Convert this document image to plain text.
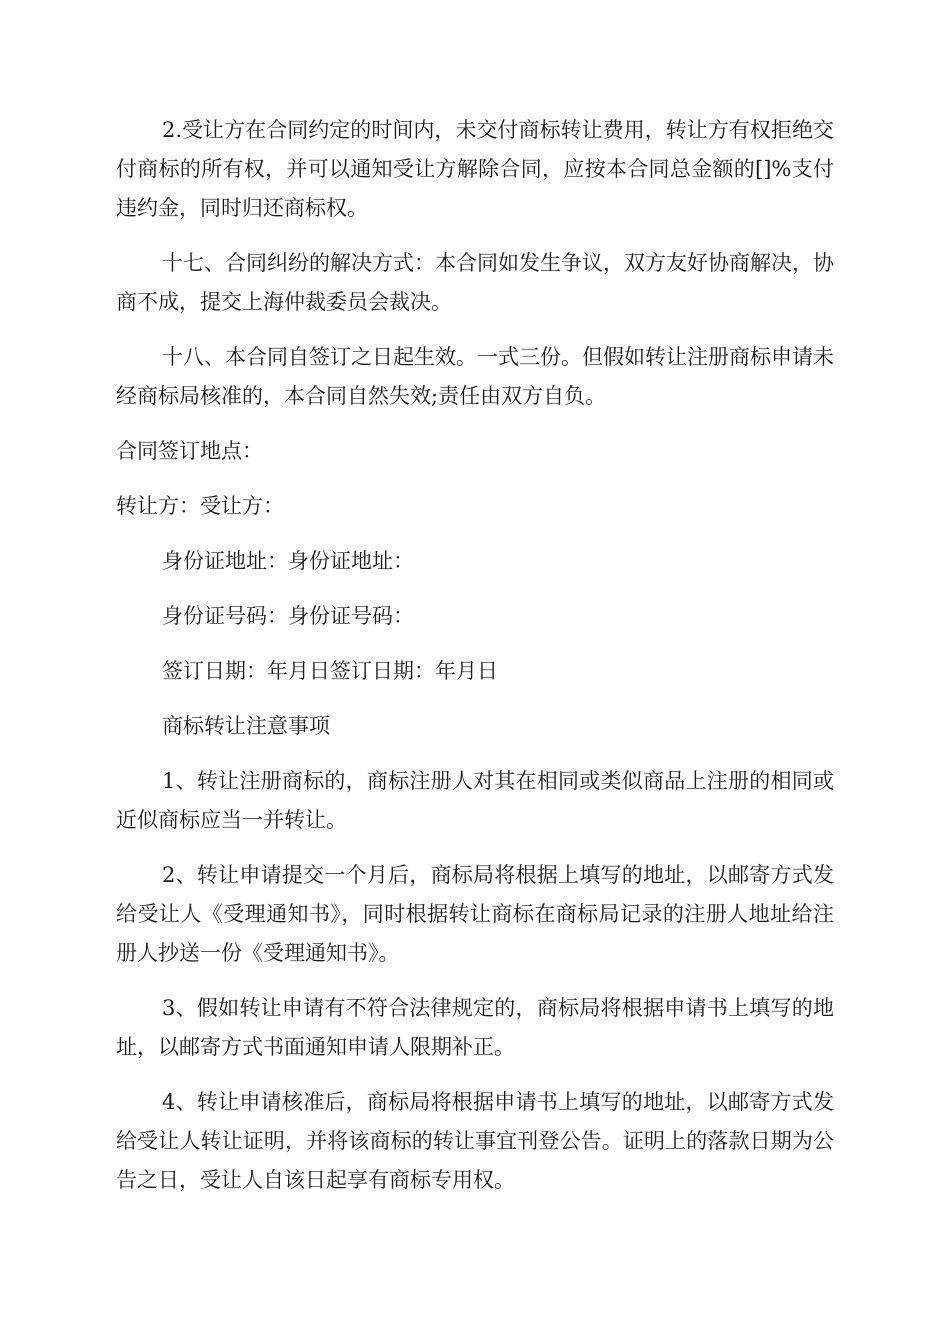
2.受让方在合同约定的时间内，未交付商标转让费用，转让方有权拒绝交付商标的所有权，并可以通知受让方解除合同，应按本合同总金额的[]%支付违约金，同时归还商标权。

十七、合同纠纷的解决方式：本合同如发生争议，双方友好协商解决，协商不成，提交上海仲裁委员会裁决。

十八、本合同自签订之日起生效。一式三份。但假如转让注册商标申请未经商标局核准的，本合同自然失效;责任由双方自负。

合同签订地点：

转让方：受让方：

身份证地址：身份证地址：

身份证号码：身份证号码：

签订日期：年月日签订日期：年月日

商标转让注意事项

1、转让注册商标的，商标注册人对其在相同或类似商品上注册的相同或近似商标应当一并转让。

2、转让申请提交一个月后，商标局将根据上填写的地址，以邮寄方式发给受让人《受理通知书》，同时根据转让商标在商标局记录的注册人地址给注册人抄送一份《受理通知书》。

3、假如转让申请有不符合法律规定的，商标局将根据申请书上填写的地址，以邮寄方式书面通知申请人限期补正。

4、转让申请核准后，商标局将根据申请书上填写的地址，以邮寄方式发给受让人转让证明，并将该商标的转让事宜刊登公告。证明上的落款日期为公告之日，受让人自该日起享有商标专用权。
